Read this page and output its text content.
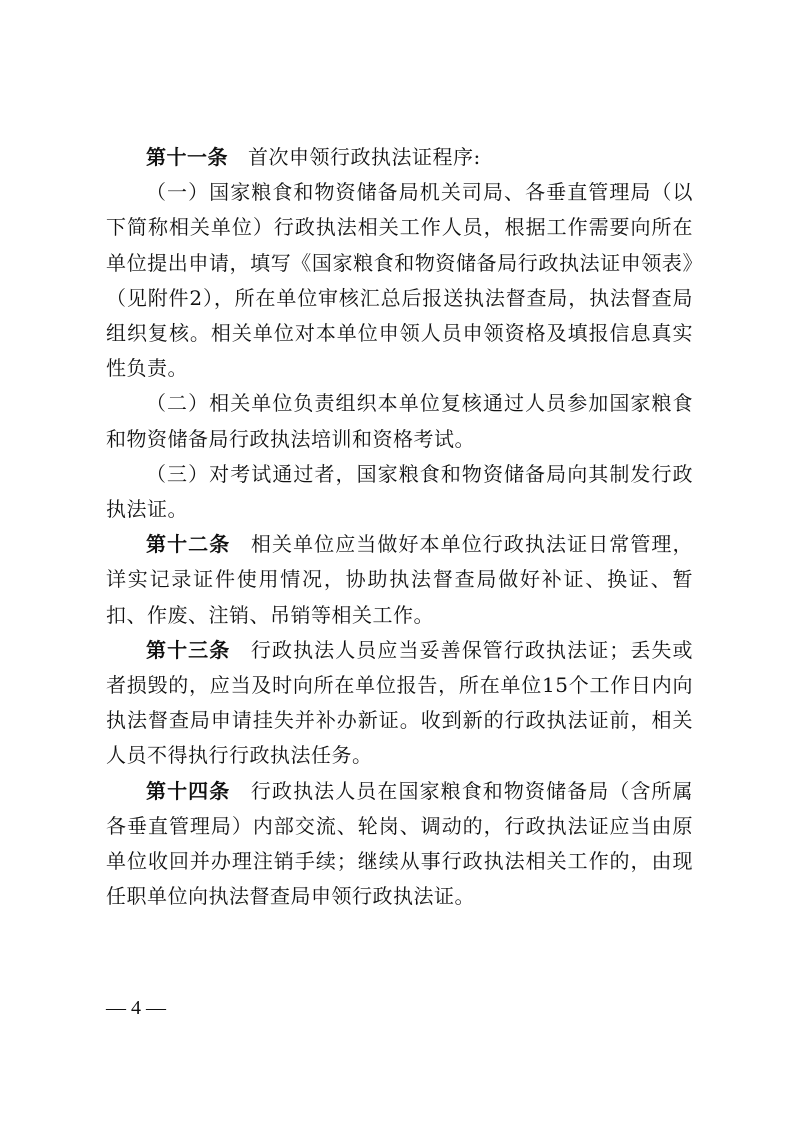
第十一条 首次申领行政执法证程序:

（一）国家粮食和物资储备局机关司局、各垂直管理局（以下简称相关单位）行政执法相关工作人员，根据工作需要向所在单位提出申请，填写《国家粮食和物资储备局行政执法证申领表》（见附件2），所在单位审核汇总后报送执法督查局，执法督查局组织复核。相关单位对本单位申领人员申领资格及填报信息真实性负责。

（二）相关单位负责组织本单位复核通过人员参加国家粮食和物资储备局行政执法培训和资格考试。

（三）对考试通过者，国家粮食和物资储备局向其制发行政执法证。

第十二条 相关单位应当做好本单位行政执法证日常管理，详实记录证件使用情况，协助执法督查局做好补证、换证、暂扣、作废、注销、吊销等相关工作。

第十三条 行政执法人员应当妥善保管行政执法证；丢失或者损毁的，应当及时向所在单位报告，所在单位15个工作日内向执法督查局申请挂失并补办新证。收到新的行政执法证前，相关人员不得执行行政执法任务。

第十四条 行政执法人员在国家粮食和物资储备局（含所属各垂直管理局）内部交流、轮岗、调动的，行政执法证应当由原单位收回并办理注销手续；继续从事行政执法相关工作的，由现任职单位向执法督查局申领行政执法证。

— 4 —
